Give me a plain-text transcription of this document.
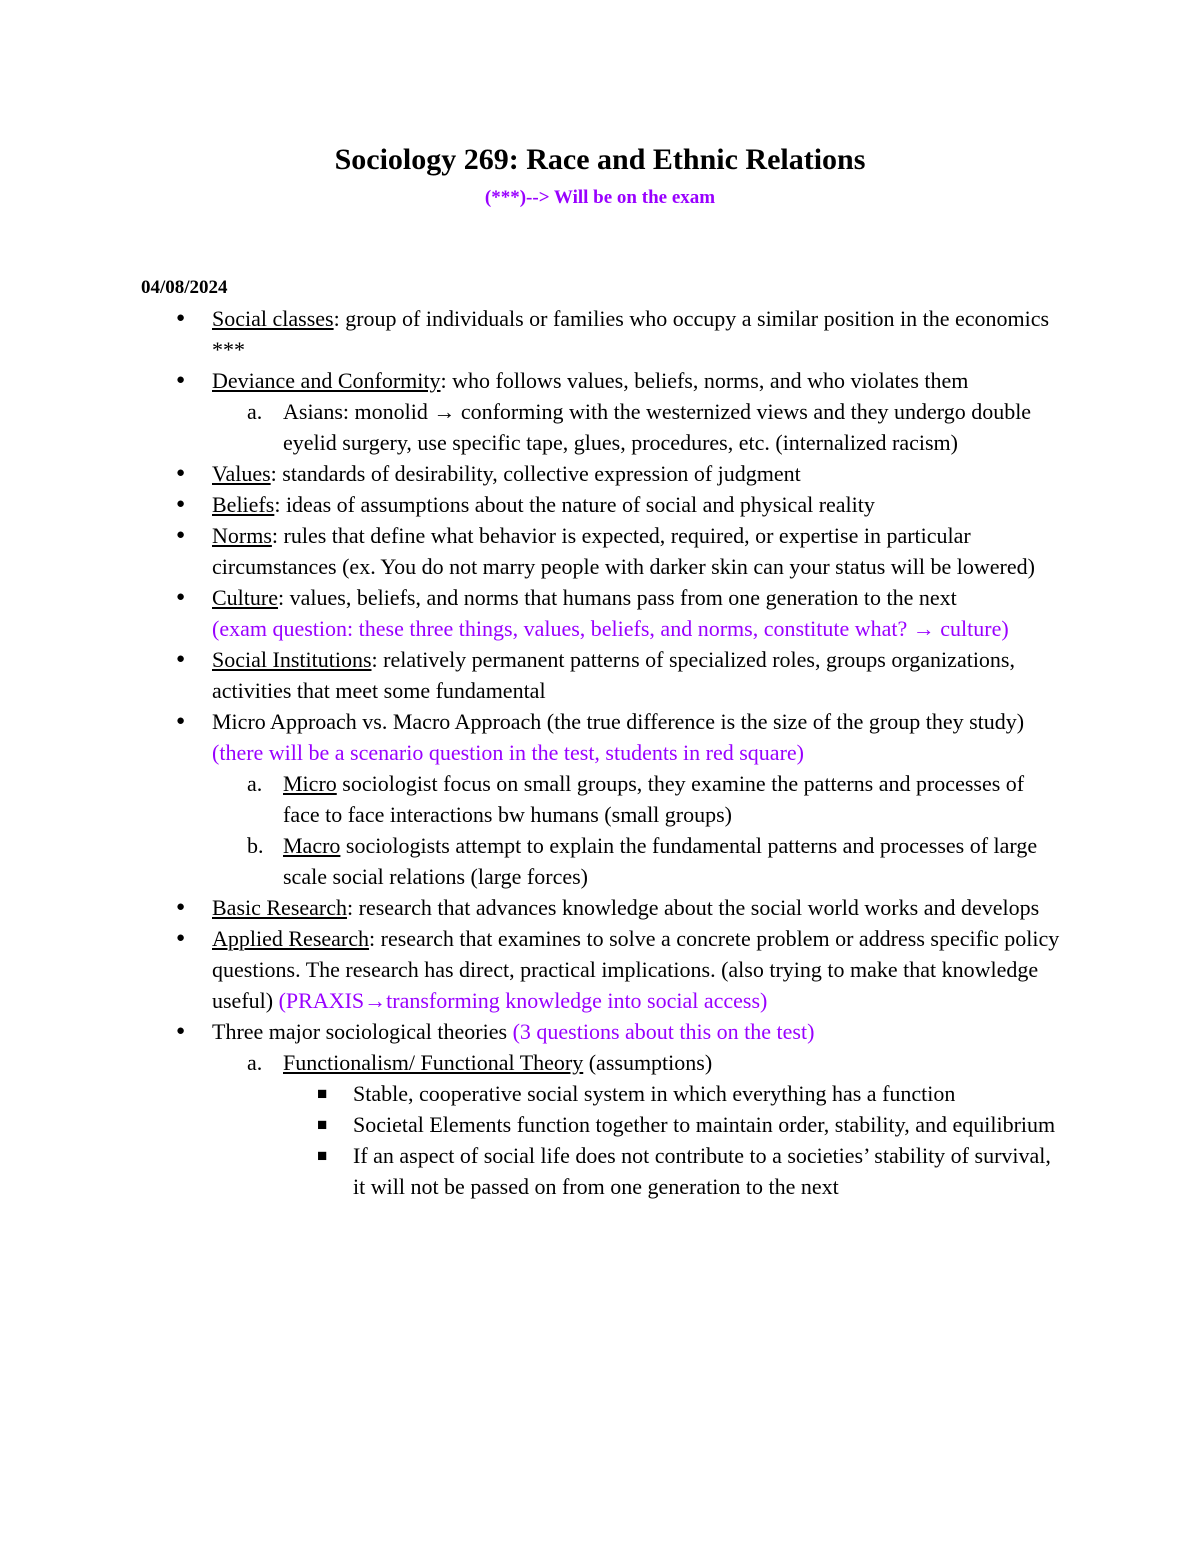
Sociology 269: Race and Ethnic Relations
(***)--> Will be on the exam
04/08/2024
● Social classes: group of individuals or families who occupy a similar position in the economics ***
● Deviance and Conformity: who follows values, beliefs, norms, and who violates them
a. Asians: monolid → conforming with the westernized views and they undergo double eyelid surgery, use specific tape, glues, procedures, etc. (internalized racism)
● Values: standards of desirability, collective expression of judgment
● Beliefs: ideas of assumptions about the nature of social and physical reality
● Norms: rules that define what behavior is expected, required, or expertise in particular circumstances (ex. You do not marry people with darker skin can your status will be lowered)
● Culture: values, beliefs, and norms that humans pass from one generation to the next
(exam question: these three things, values, beliefs, and norms, constitute what? → culture)
● Social Institutions: relatively permanent patterns of specialized roles, groups organizations, activities that meet some fundamental
● Micro Approach vs. Macro Approach (the true difference is the size of the group they study) (there will be a scenario question in the test, students in red square)
a. Micro sociologist focus on small groups, they examine the patterns and processes of face to face interactions bw humans (small groups)
b. Macro sociologists attempt to explain the fundamental patterns and processes of large scale social relations (large forces)
● Basic Research: research that advances knowledge about the social world works and develops
● Applied Research: research that examines to solve a concrete problem or address specific policy questions. The research has direct, practical implications. (also trying to make that knowledge useful) (PRAXIS→transforming knowledge into social access)
● Three major sociological theories (3 questions about this on the test)
a. Functionalism/ Functional Theory (assumptions)
■ Stable, cooperative social system in which everything has a function
■ Societal Elements function together to maintain order, stability, and equilibrium
■ If an aspect of social life does not contribute to a societies’ stability of survival, it will not be passed on from one generation to the next
